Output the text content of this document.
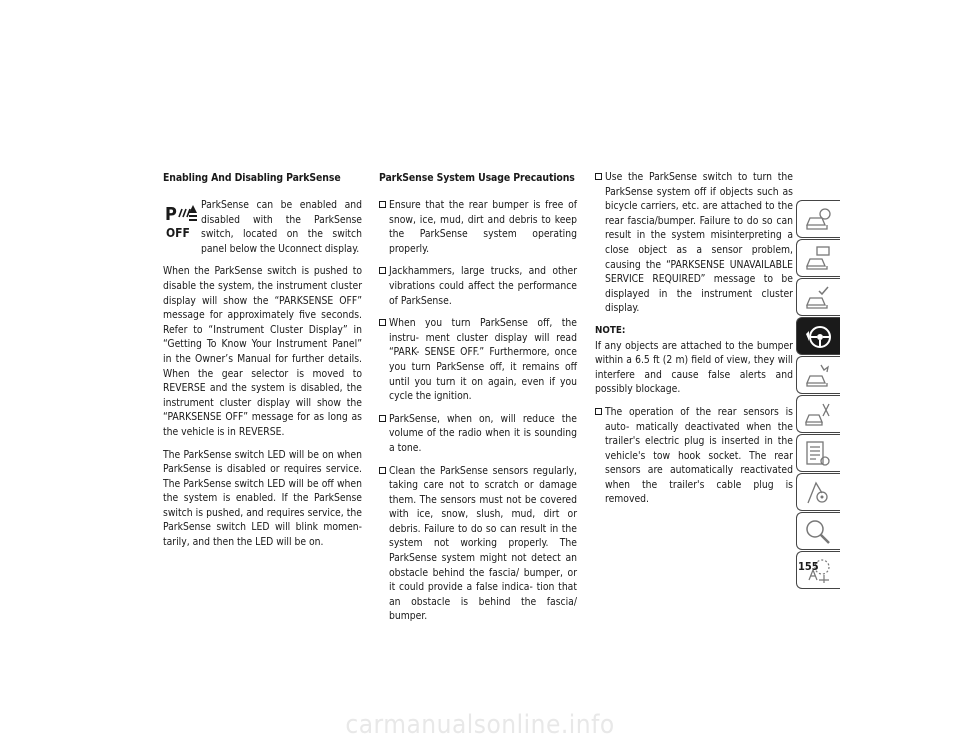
Enabling And Disabling ParkSense
P
OFF
ParkSense can be enabled and disabled with the ParkSense switch, located on the switch panel below the Uconnect display.

When the ParkSense switch is pushed to disable the system, the instrument cluster display will show the “PARKSENSE OFF” message for approximately five seconds. Refer to “Instrument Cluster Display” in “Getting To Know Your Instrument Panel” in the Owner’s Manual for further details. When the gear selector is moved to REVERSE and the system is disabled, the instrument cluster display will show the “PARKSENSE OFF” message for as long as the vehicle is in REVERSE.

The ParkSense switch LED will be on when ParkSense is disabled or requires service. The ParkSense switch LED will be off when the system is enabled. If the ParkSense switch is pushed, and requires service, the ParkSense switch LED will blink momen- tarily, and then the LED will be on.

ParkSense System Usage Precautions
Ensure that the rear bumper is free of snow, ice, mud, dirt and debris to keep the ParkSense system operating properly.
Jackhammers, large trucks, and other vibrations could affect the performance of ParkSense.
When you turn ParkSense off, the instru- ment cluster display will read “PARK- SENSE OFF.” Furthermore, once you turn ParkSense off, it remains off until you turn it on again, even if you cycle the ignition.
ParkSense, when on, will reduce the volume of the radio when it is sounding a tone.
Clean the ParkSense sensors regularly, taking care not to scratch or damage them. The sensors must not be covered with ice, snow, slush, mud, dirt or debris. Failure to do so can result in the system not working properly. The ParkSense system might not detect an obstacle behind the fascia/ bumper, or it could provide a false indica- tion that an obstacle is behind the fascia/ bumper.
Use the ParkSense switch to turn the ParkSense system off if objects such as bicycle carriers, etc. are attached to the rear fascia/bumper. Failure to do so can result in the system misinterpreting a close object as a sensor problem, causing the “PARKSENSE UNAVAILABLE SERVICE REQUIRED” message to be displayed in the instrument cluster display.
NOTE:

If any objects are attached to the bumper within a 6.5 ft (2 m) field of view, they will interfere and cause false alerts and possibly blockage.

The operation of the rear sensors is auto- matically deactivated when the trailer's electric plug is inserted in the vehicle's tow hook socket. The rear sensors are automatically reactivated when the trailer's cable plug is removed.
155
carmanualsonline.info
